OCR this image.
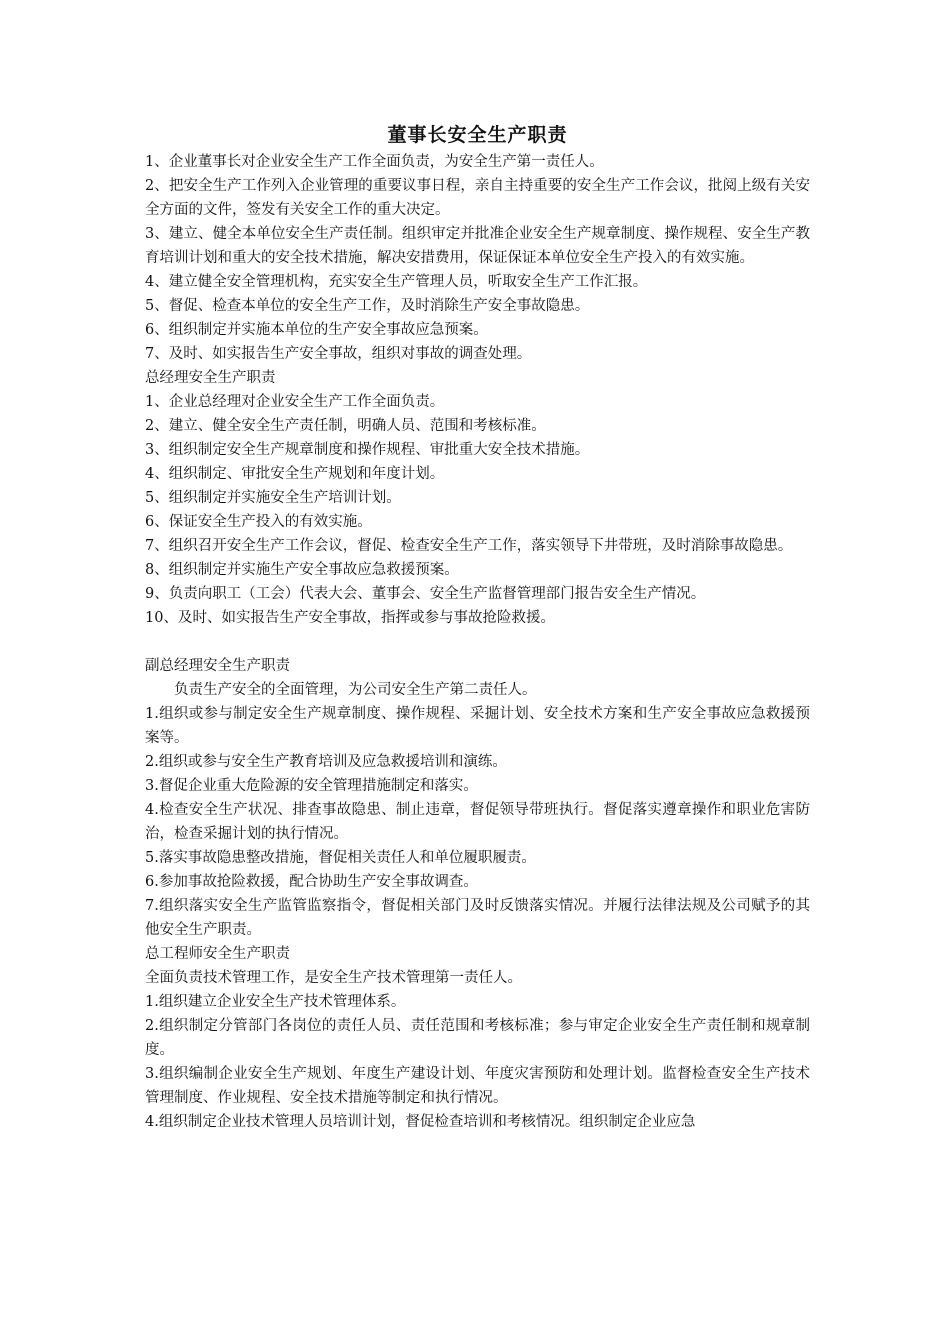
董事长安全生产职责

1、企业董事长对企业安全生产工作全面负责，为安全生产第一责任人。

2、把安全生产工作列入企业管理的重要议事日程，亲自主持重要的安全生产工作会议，批阅上级有关安全方面的文件，签发有关安全工作的重大决定。

3、建立、健全本单位安全生产责任制。组织审定并批准企业安全生产规章制度、操作规程、安全生产教育培训计划和重大的安全技术措施，解决安措费用，保证保证本单位安全生产投入的有效实施。

4、建立健全安全管理机构，充实安全生产管理人员，听取安全生产工作汇报。

5、督促、检查本单位的安全生产工作，及时消除生产安全事故隐患。

6、组织制定并实施本单位的生产安全事故应急预案。

7、及时、如实报告生产安全事故，组织对事故的调查处理。

总经理安全生产职责

1、企业总经理对企业安全生产工作全面负责。

2、建立、健全安全生产责任制，明确人员、范围和考核标准。

3、组织制定安全生产规章制度和操作规程、审批重大安全技术措施。

4、组织制定、审批安全生产规划和年度计划。

5、组织制定并实施安全生产培训计划。

6、保证安全生产投入的有效实施。

7、组织召开安全生产工作会议，督促、检查安全生产工作，落实领导下井带班，及时消除事故隐患。

8、组织制定并实施生产安全事故应急救援预案。

9、负责向职工（工会）代表大会、董事会、安全生产监督管理部门报告安全生产情况。

10、及时、如实报告生产安全事故，指挥或参与事故抢险救援。

副总经理安全生产职责

负责生产安全的全面管理，为公司安全生产第二责任人。

1.组织或参与制定安全生产规章制度、操作规程、采掘计划、安全技术方案和生产安全事故应急救援预案等。

2.组织或参与安全生产教育培训及应急救援培训和演练。

3.督促企业重大危险源的安全管理措施制定和落实。

4.检查安全生产状况、排查事故隐患、制止违章，督促领导带班执行。督促落实遵章操作和职业危害防治，检查采掘计划的执行情况。

5.落实事故隐患整改措施，督促相关责任人和单位履职履责。

6.参加事故抢险救援，配合协助生产安全事故调查。

7.组织落实安全生产监管监察指令，督促相关部门及时反馈落实情况。并履行法律法规及公司赋予的其他安全生产职责。

总工程师安全生产职责

全面负责技术管理工作，是安全生产技术管理第一责任人。

1.组织建立企业安全生产技术管理体系。

2.组织制定分管部门各岗位的责任人员、责任范围和考核标准；参与审定企业安全生产责任制和规章制度。

3.组织编制企业安全生产规划、年度生产建设计划、年度灾害预防和处理计划。监督检查安全生产技术管理制度、作业规程、安全技术措施等制定和执行情况。

4.组织制定企业技术管理人员培训计划，督促检查培训和考核情况。组织制定企业应急
